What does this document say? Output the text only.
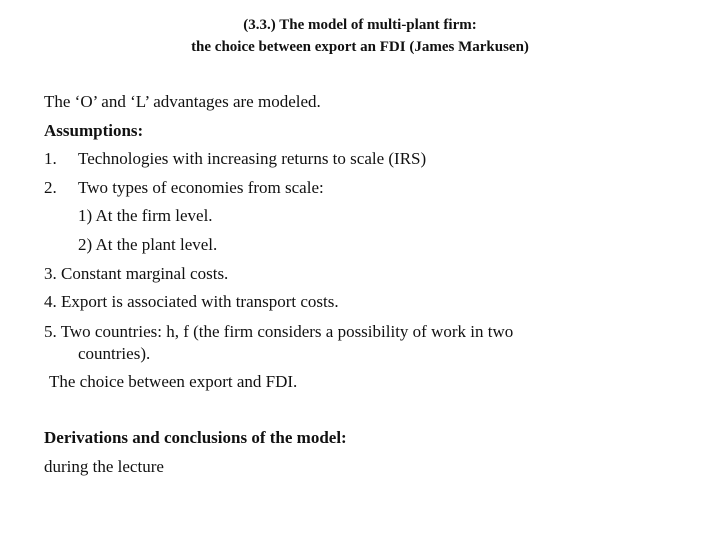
(3.3.) The model of multi-plant firm:
the choice between export an FDI (James Markusen)
The ‘O’ and ‘L’ advantages are modeled.
Assumptions:
1. Technologies with increasing returns to scale (IRS)
2. Two types of economies from scale:
1) At the firm level.
2) At the plant level.
3. Constant marginal costs.
4. Export is associated with transport costs.
5. Two countries: h, f (the firm considers a possibility of work in two
countries).
The choice between export and FDI.
Derivations and conclusions of the model:
during the lecture
